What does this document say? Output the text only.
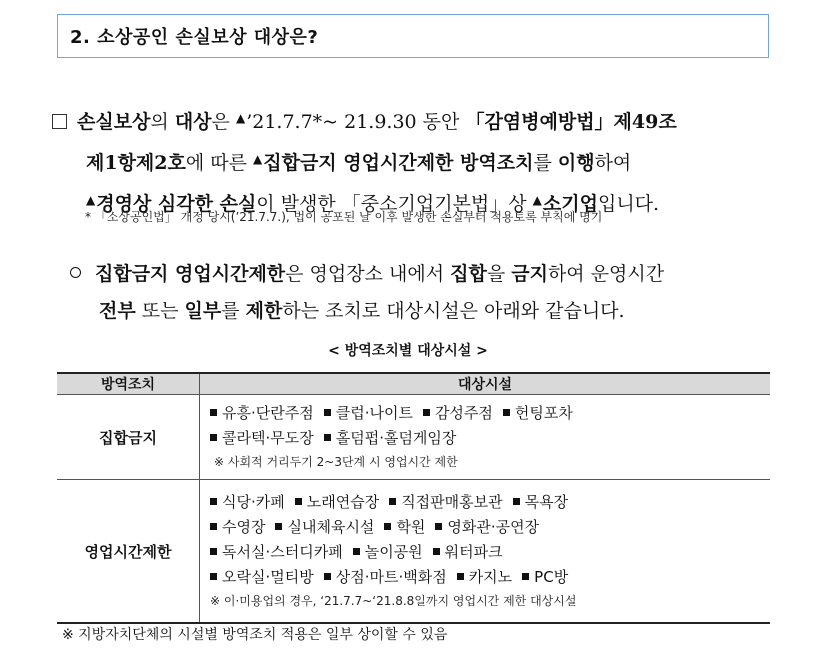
2. 소상공인 손실보상 대상은?
손실보상의 대상은 ▲’21.7.7*~ 21.9.30 동안 「감염병예방법」제49조
제1항제2호에 따른 ▲집합금지 영업시간제한 방역조치를 이행하여
▲경영상 심각한 손실이 발생한 「중소기업기본법」상 ▲소기업입니다.
* 「소상공인법」 개정 당시(’21.7.7.), 법이 공포된 날 이후 발생한 손실부터 적용토록 부칙에 명기
집합금지 영업시간제한은 영업장소 내에서 집합을 금지하여 운영시간
전부 또는 일부를 제한하는 조치로 대상시설은 아래와 같습니다.
< 방역조치별 대상시설 >
방역조치	대상시설
집합금지	유흥·단란주점 클럽·나이트 감성주점 헌팅포차
콜라텍·무도장 홀덤펍·홀덤게임장
※ 사회적 거리두기 2~3단계 시 영업시간 제한

영업시간제한	식당·카페 노래연습장 직접판매홍보관 목욕장
수영장 실내체육시설 학원 영화관·공연장
독서실·스터디카페 놀이공원 워터파크
오락실·멀티방 상점·마트·백화점 카지노 PC방
※ 이·미용업의 경우, ‘21.7.7~‘21.8.8일까지 영업시간 제한 대상시설
※ 지방자치단체의 시설별 방역조치 적용은 일부 상이할 수 있음
